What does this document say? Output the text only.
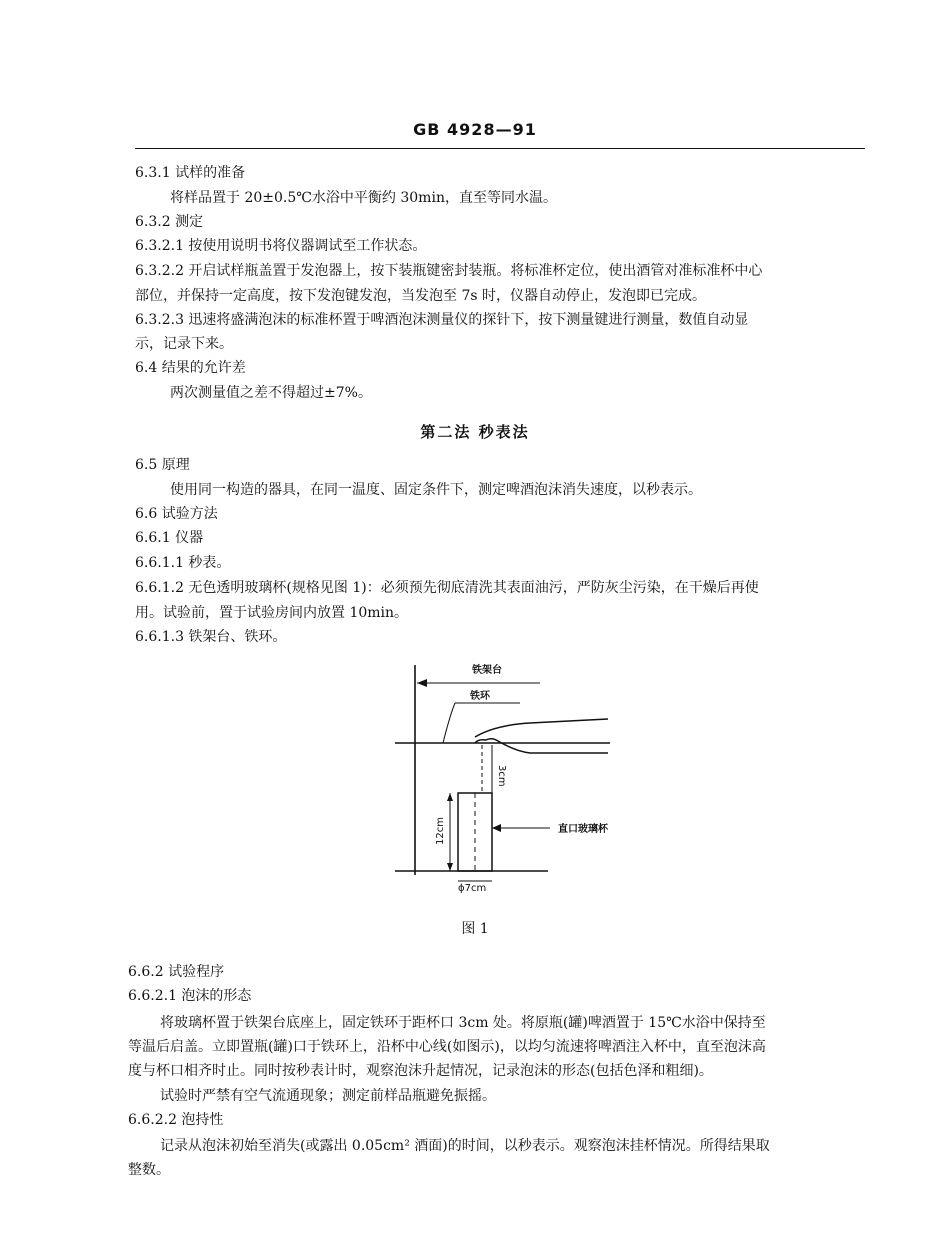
GB 4928—91
6.3.1 试样的准备
将样品置于 20±0.5℃水浴中平衡约 30min，直至等同水温。
6.3.2 测定
6.3.2.1 按使用说明书将仪器调试至工作状态。
6.3.2.2 开启试样瓶盖置于发泡器上，按下装瓶键密封装瓶。将标准杯定位，使出酒管对准标准杯中心
部位，并保持一定高度，按下发泡键发泡，当发泡至 7s 时，仪器自动停止，发泡即已完成。
6.3.2.3 迅速将盛满泡沫的标准杯置于啤酒泡沫测量仪的探针下，按下测量键进行测量，数值自动显
示，记录下来。
6.4 结果的允许差
两次测量值之差不得超过±7%。
第二法 秒表法
6.5 原理
使用同一构造的器具，在同一温度、固定条件下，测定啤酒泡沫消失速度，以秒表示。
6.6 试验方法
6.6.1 仪器
6.6.1.1 秒表。
6.6.1.2 无色透明玻璃杯(规格见图 1)：必须预先彻底清洗其表面油污，严防灰尘污染，在干燥后再使
用。试验前，置于试验房间内放置 10min。
6.6.1.3 铁架台、铁环。
铁架台
铁环
3cm
12cm
ϕ7cm
直口玻璃杯
图 1
6.6.2 试验程序
6.6.2.1 泡沫的形态
将玻璃杯置于铁架台底座上，固定铁环于距杯口 3cm 处。将原瓶(罐)啤酒置于 15℃水浴中保持至
等温后启盖。立即置瓶(罐)口于铁环上，沿杯中心线(如图示)，以均匀流速将啤酒注入杯中，直至泡沫高
度与杯口相齐时止。同时按秒表计时，观察泡沫升起情况，记录泡沫的形态(包括色泽和粗细)。
试验时严禁有空气流通现象；测定前样品瓶避免振摇。
6.6.2.2 泡持性
记录从泡沫初始至消失(或露出 0.05cm² 酒面)的时间，以秒表示。观察泡沫挂杯情况。所得结果取
整数。
